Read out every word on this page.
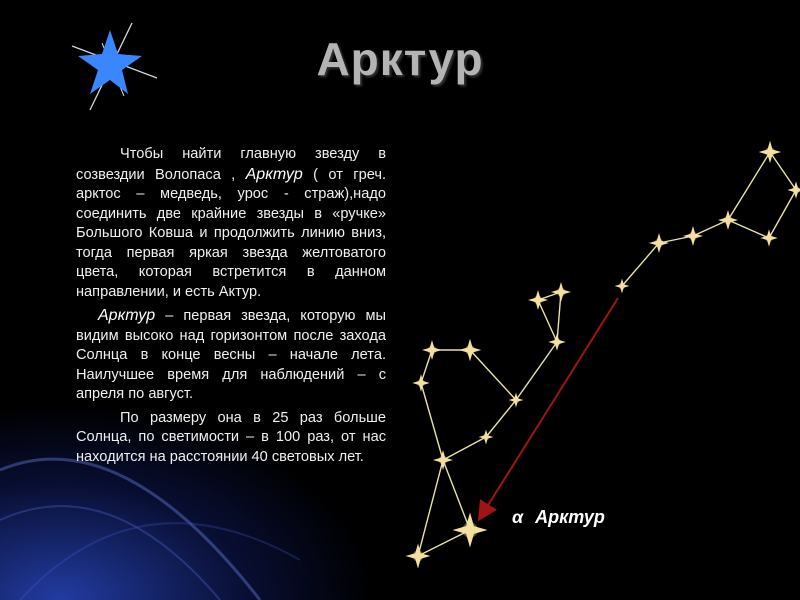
Арктур

Чтобы найти главную звезду в созвездии Волопаса , Арктур ( от греч. арктос – медведь, урос - страж),надо соединить две крайние звезды в «ручке» Большого Ковша и продолжить линию вниз, тогда первая яркая звезда желтоватого цвета, которая встретится в данном направлении, и есть Актур.

Арктур – первая звезда, которую мы видим высоко над горизонтом после захода Солнца в конце весны – начале лета. Наилучшее время для наблюдений – с апреля по август.

По размеру она в 25 раз больше Солнца, по светимости – в 100 раз, от нас находится на расстоянии 40 световых лет.

α Арктур
